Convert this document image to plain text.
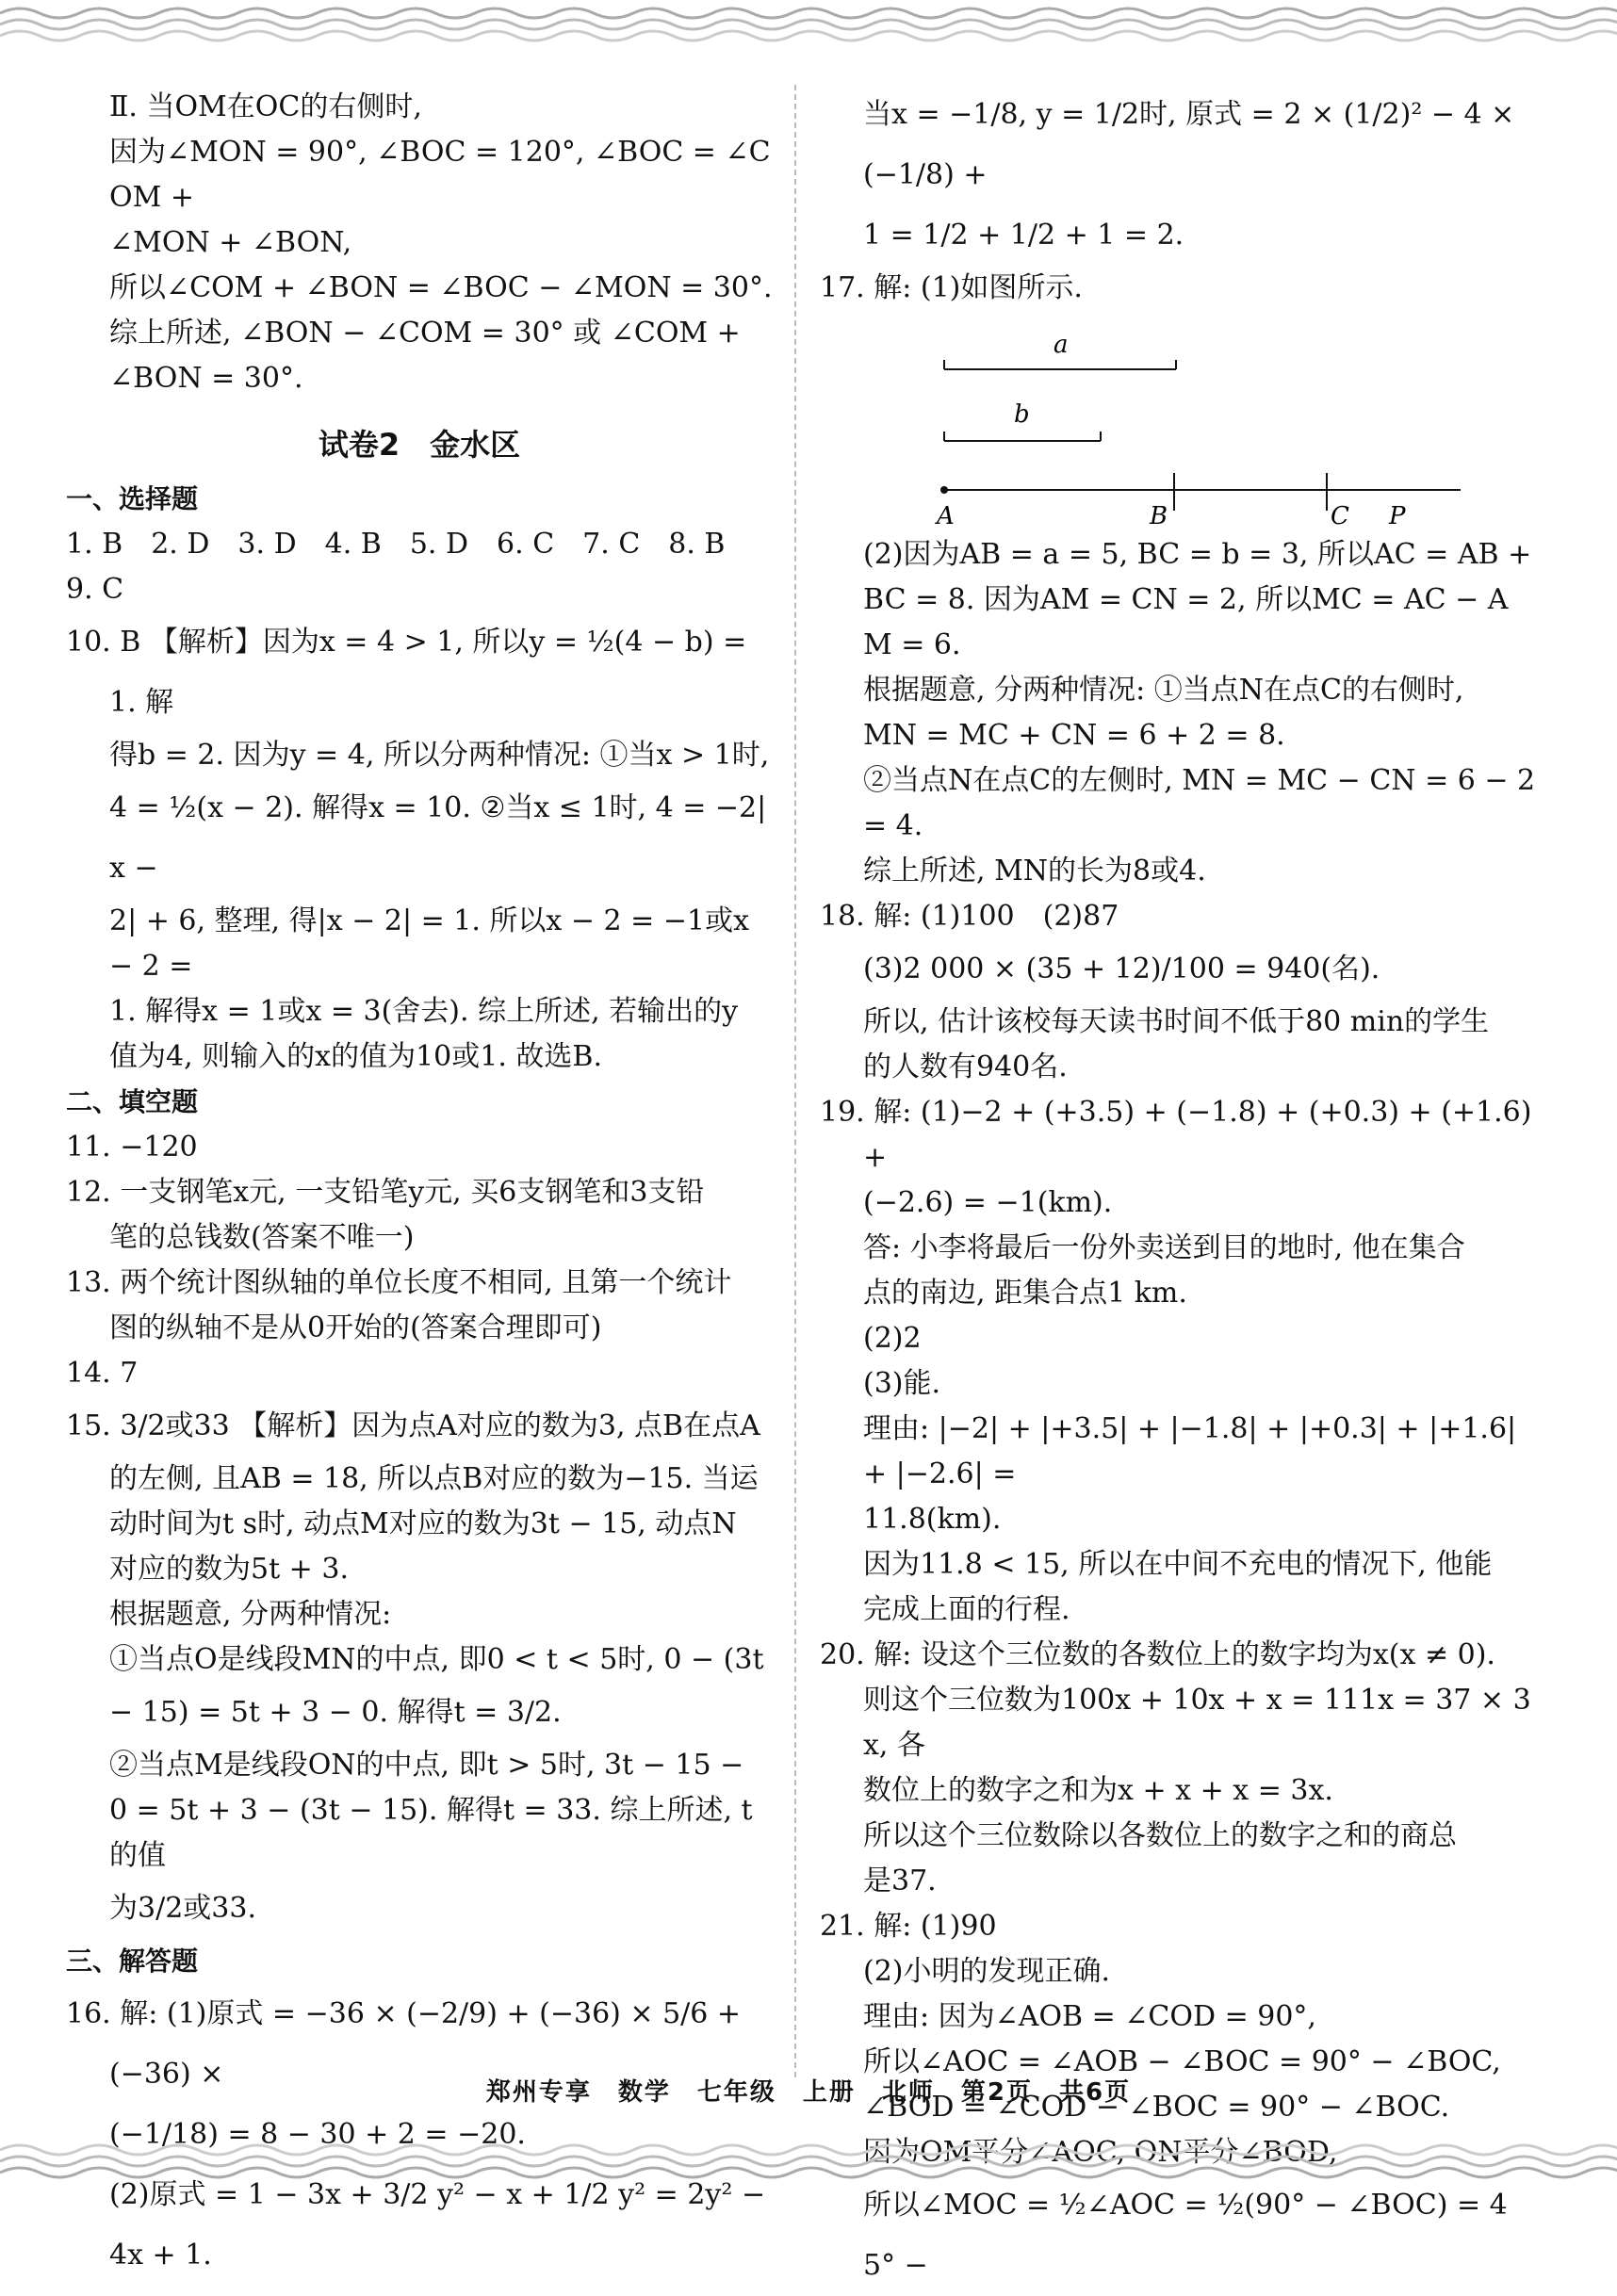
Ⅱ. 当OM在OC的右侧时,
因为∠MON = 90°, ∠BOC = 120°, ∠BOC = ∠COM +
∠MON + ∠BON,
所以∠COM + ∠BON = ∠BOC − ∠MON = 30°.
综上所述, ∠BON − ∠COM = 30° 或 ∠COM +
∠BON = 30°.
试卷2　金水区
一、选择题
1. B　2. D　3. D　4. B　5. D　6. C　7. C　8. B
9. C
10. B 【解析】因为x = 4 > 1, 所以y = ½(4 − b) = 1. 解
得b = 2. 因为y = 4, 所以分两种情况: ①当x > 1时,
4 = ½(x − 2). 解得x = 10. ②当x ≤ 1时, 4 = −2|x −
2| + 6, 整理, 得|x − 2| = 1. 所以x − 2 = −1或x − 2 =
1. 解得x = 1或x = 3(舍去). 综上所述, 若输出的y
值为4, 则输入的x的值为10或1. 故选B.
二、填空题
11. −120
12. 一支钢笔x元, 一支铅笔y元, 买6支钢笔和3支铅
笔的总钱数(答案不唯一)
13. 两个统计图纵轴的单位长度不相同, 且第一个统计
图的纵轴不是从0开始的(答案合理即可)
14. 7
15. 3/2或33 【解析】因为点A对应的数为3, 点B在点A
的左侧, 且AB = 18, 所以点B对应的数为−15. 当运
动时间为t s时, 动点M对应的数为3t − 15, 动点N
对应的数为5t + 3.
根据题意, 分两种情况:
①当点O是线段MN的中点, 即0 < t < 5时, 0 − (3t
− 15) = 5t + 3 − 0. 解得t = 3/2.
②当点M是线段ON的中点, 即t > 5时, 3t − 15 −
0 = 5t + 3 − (3t − 15). 解得t = 33. 综上所述, t的值
为3/2或33.
三、解答题
16. 解: (1)原式 = −36 × (−2/9) + (−36) × 5/6 + (−36) ×
(−1/18) = 8 − 30 + 2 = −20.
(2)原式 = 1 − 3x + 3/2 y² − x + 1/2 y² = 2y² − 4x + 1.
当x = −1/8, y = 1/2时, 原式 = 2 × (1/2)² − 4 × (−1/8) +
1 = 1/2 + 1/2 + 1 = 2.
17. 解: (1)如图所示.
a
b
A	B	C P
(2)因为AB = a = 5, BC = b = 3, 所以AC = AB +
BC = 8. 因为AM = CN = 2, 所以MC = AC − AM = 6.
根据题意, 分两种情况: ①当点N在点C的右侧时,
MN = MC + CN = 6 + 2 = 8.
②当点N在点C的左侧时, MN = MC − CN = 6 − 2 = 4.
综上所述, MN的长为8或4.
18. 解: (1)100　(2)87
(3)2 000 × (35 + 12)/100 = 940(名).
所以, 估计该校每天读书时间不低于80 min的学生
的人数有940名.
19. 解: (1)−2 + (+3.5) + (−1.8) + (+0.3) + (+1.6) +
(−2.6) = −1(km).
答: 小李将最后一份外卖送到目的地时, 他在集合
点的南边, 距集合点1 km.
(2)2
(3)能.
理由: |−2| + |+3.5| + |−1.8| + |+0.3| + |+1.6| + |−2.6| =
11.8(km).
因为11.8 < 15, 所以在中间不充电的情况下, 他能
完成上面的行程.
20. 解: 设这个三位数的各数位上的数字均为x(x ≠ 0).
则这个三位数为100x + 10x + x = 111x = 37 × 3x, 各
数位上的数字之和为x + x + x = 3x.
所以这个三位数除以各数位上的数字之和的商总
是37.
21. 解: (1)90
(2)小明的发现正确.
理由: 因为∠AOB = ∠COD = 90°,
所以∠AOC = ∠AOB − ∠BOC = 90° − ∠BOC,
∠BOD = ∠COD − ∠BOC = 90° − ∠BOC.
因为OM平分∠AOC, ON平分∠BOD,
所以∠MOC = ½∠AOC = ½(90° − ∠BOC) = 45° −
郑州专享　数学　七年级　上册　北师　第2页　共6页
